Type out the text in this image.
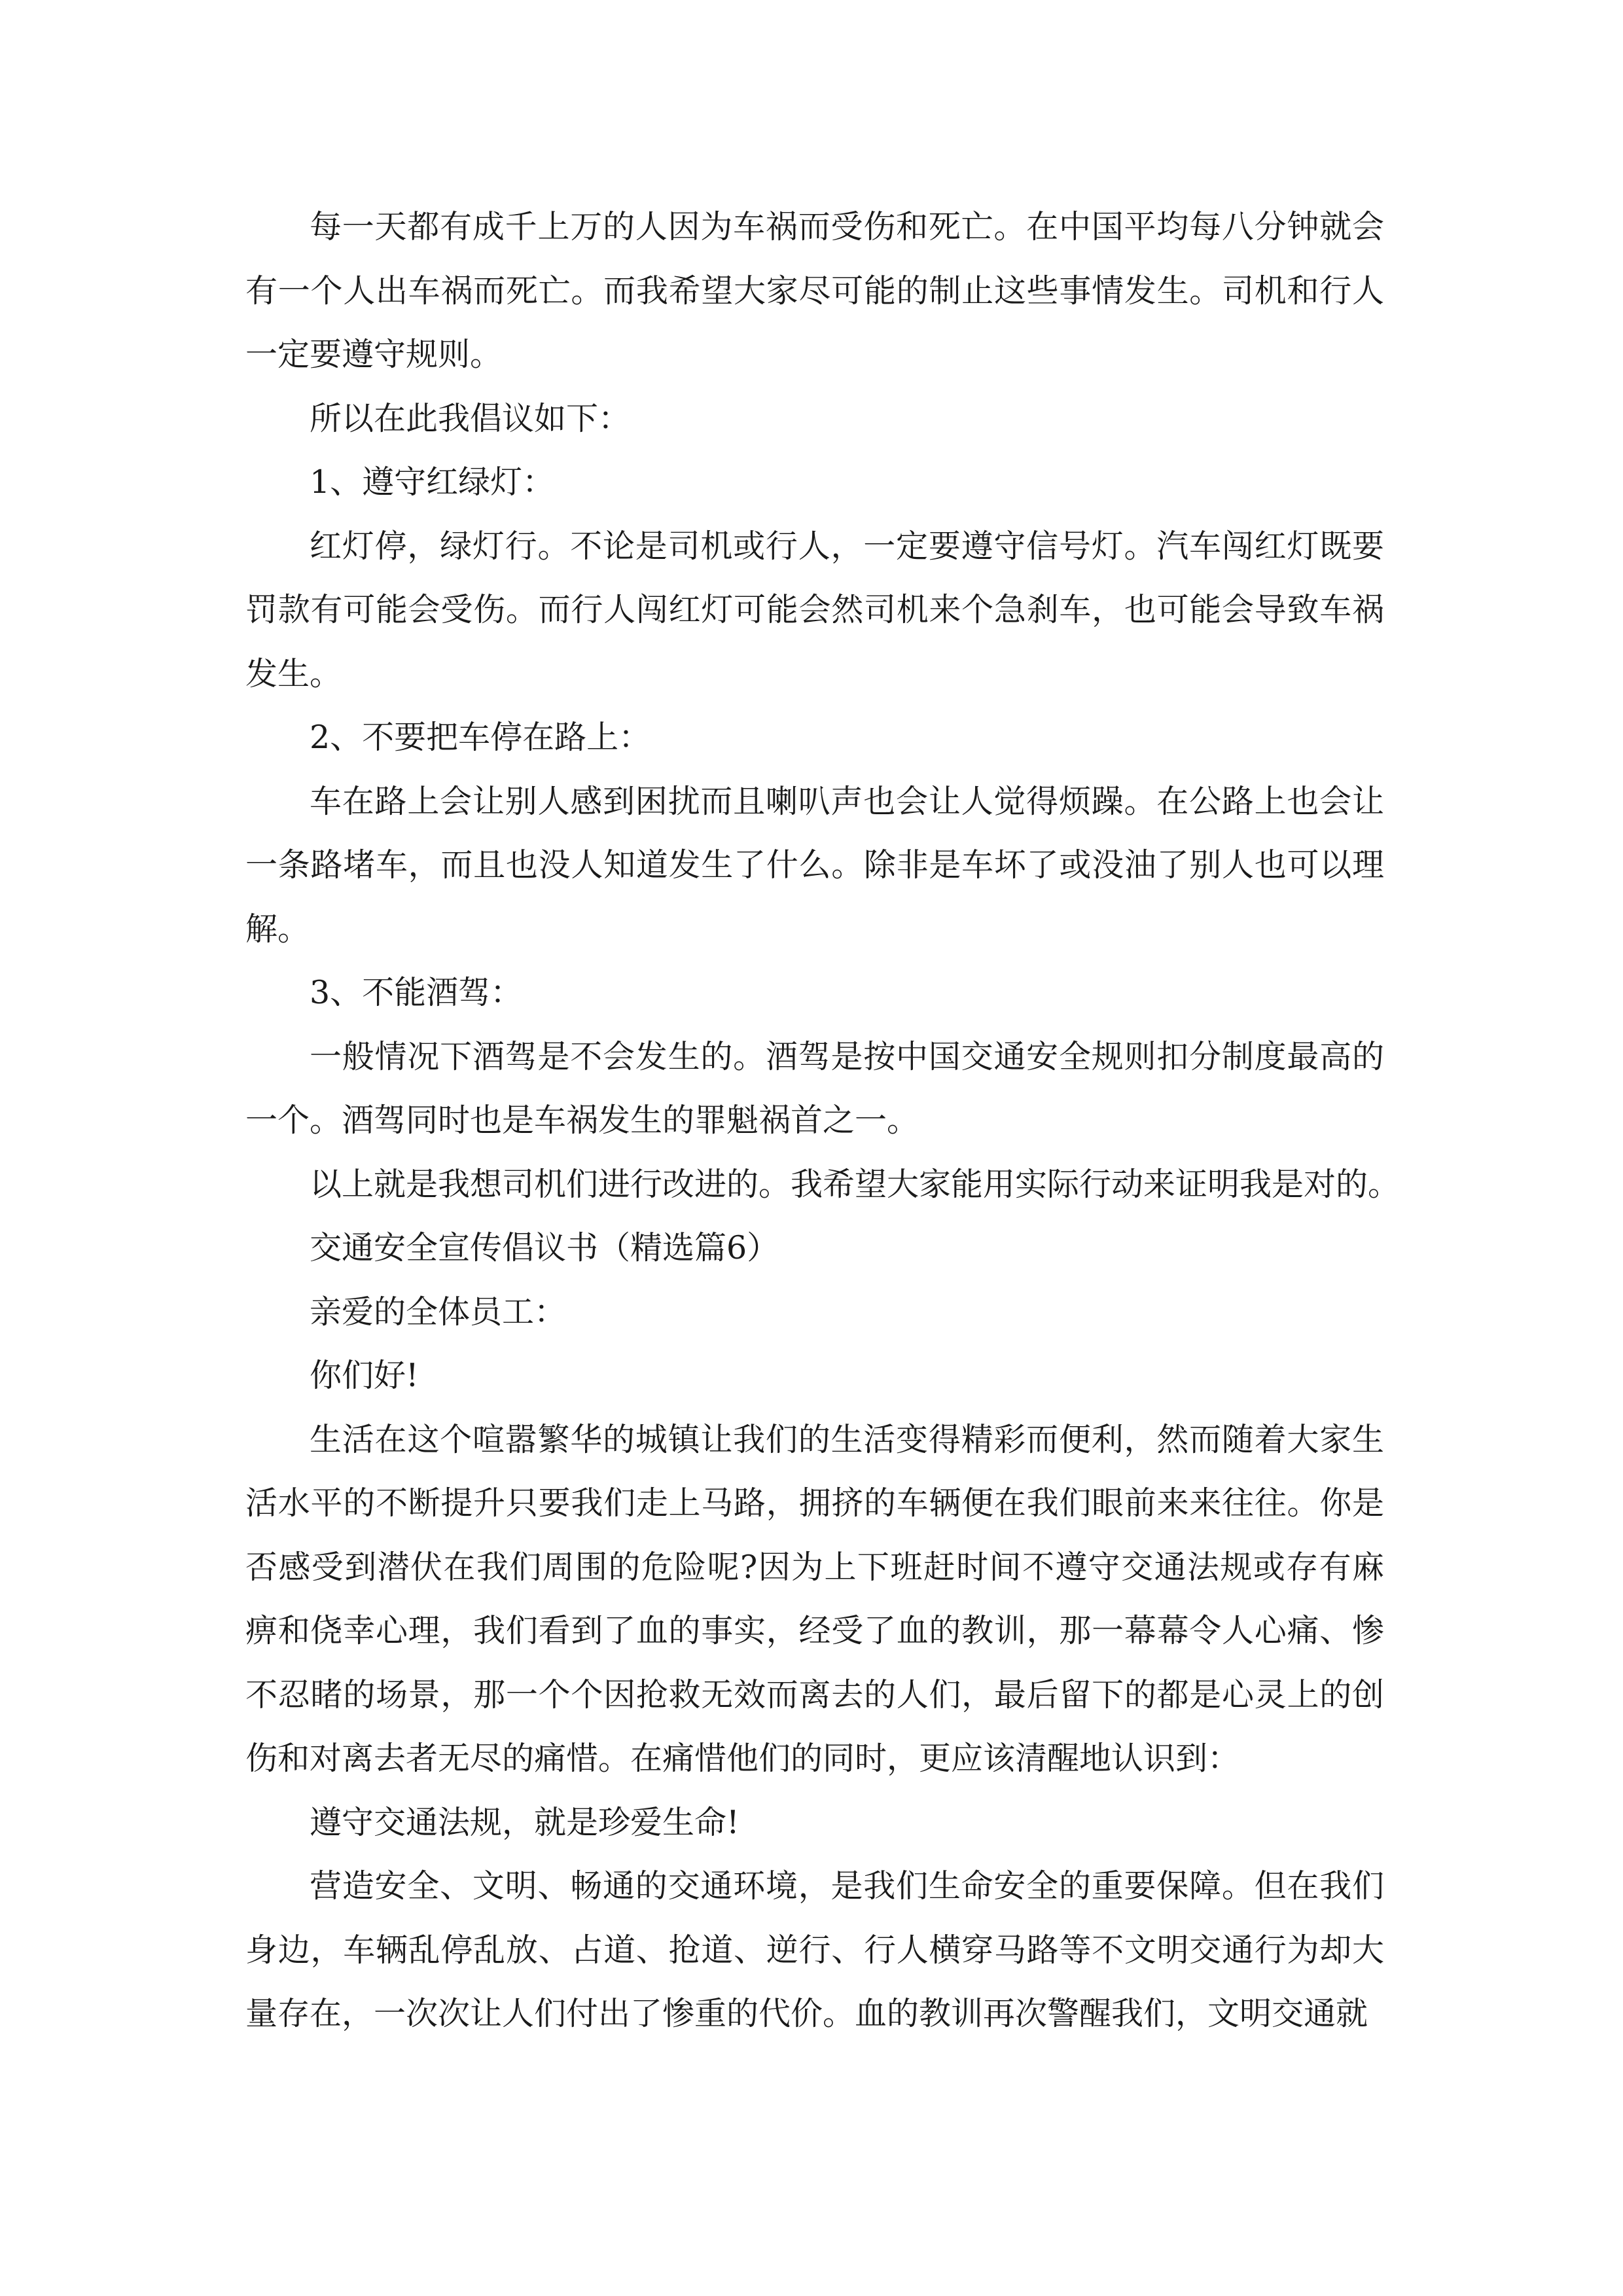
每一天都有成千上万的人因为车祸而受伤和死亡。在中国平均每八分钟就会有一个人出车祸而死亡。而我希望大家尽可能的制止这些事情发生。司机和行人一定要遵守规则。

所以在此我倡议如下：

1、遵守红绿灯：

红灯停，绿灯行。不论是司机或行人，一定要遵守信号灯。汽车闯红灯既要罚款有可能会受伤。而行人闯红灯可能会然司机来个急刹车，也可能会导致车祸发生。

2、不要把车停在路上：

车在路上会让别人感到困扰而且喇叭声也会让人觉得烦躁。在公路上也会让一条路堵车，而且也没人知道发生了什么。除非是车坏了或没油了别人也可以理解。

3、不能酒驾：

一般情况下酒驾是不会发生的。酒驾是按中国交通安全规则扣分制度最高的一个。酒驾同时也是车祸发生的罪魁祸首之一。

以上就是我想司机们进行改进的。我希望大家能用实际行动来证明我是对的。

交通安全宣传倡议书（精选篇6）

亲爱的全体员工：

你们好!

生活在这个喧嚣繁华的城镇让我们的生活变得精彩而便利，然而随着大家生活水平的不断提升只要我们走上马路，拥挤的车辆便在我们眼前来来往往。你是否感受到潜伏在我们周围的危险呢?因为上下班赶时间不遵守交通法规或存有麻痹和侥幸心理，我们看到了血的事实，经受了血的教训，那一幕幕令人心痛、惨不忍睹的场景，那一个个因抢救无效而离去的人们，最后留下的都是心灵上的创伤和对离去者无尽的痛惜。在痛惜他们的同时，更应该清醒地认识到：

遵守交通法规，就是珍爱生命!

营造安全、文明、畅通的交通环境，是我们生命安全的重要保障。但在我们身边，车辆乱停乱放、占道、抢道、逆行、行人横穿马路等不文明交通行为却大量存在，一次次让人们付出了惨重的代价。血的教训再次警醒我们，文明交通就
